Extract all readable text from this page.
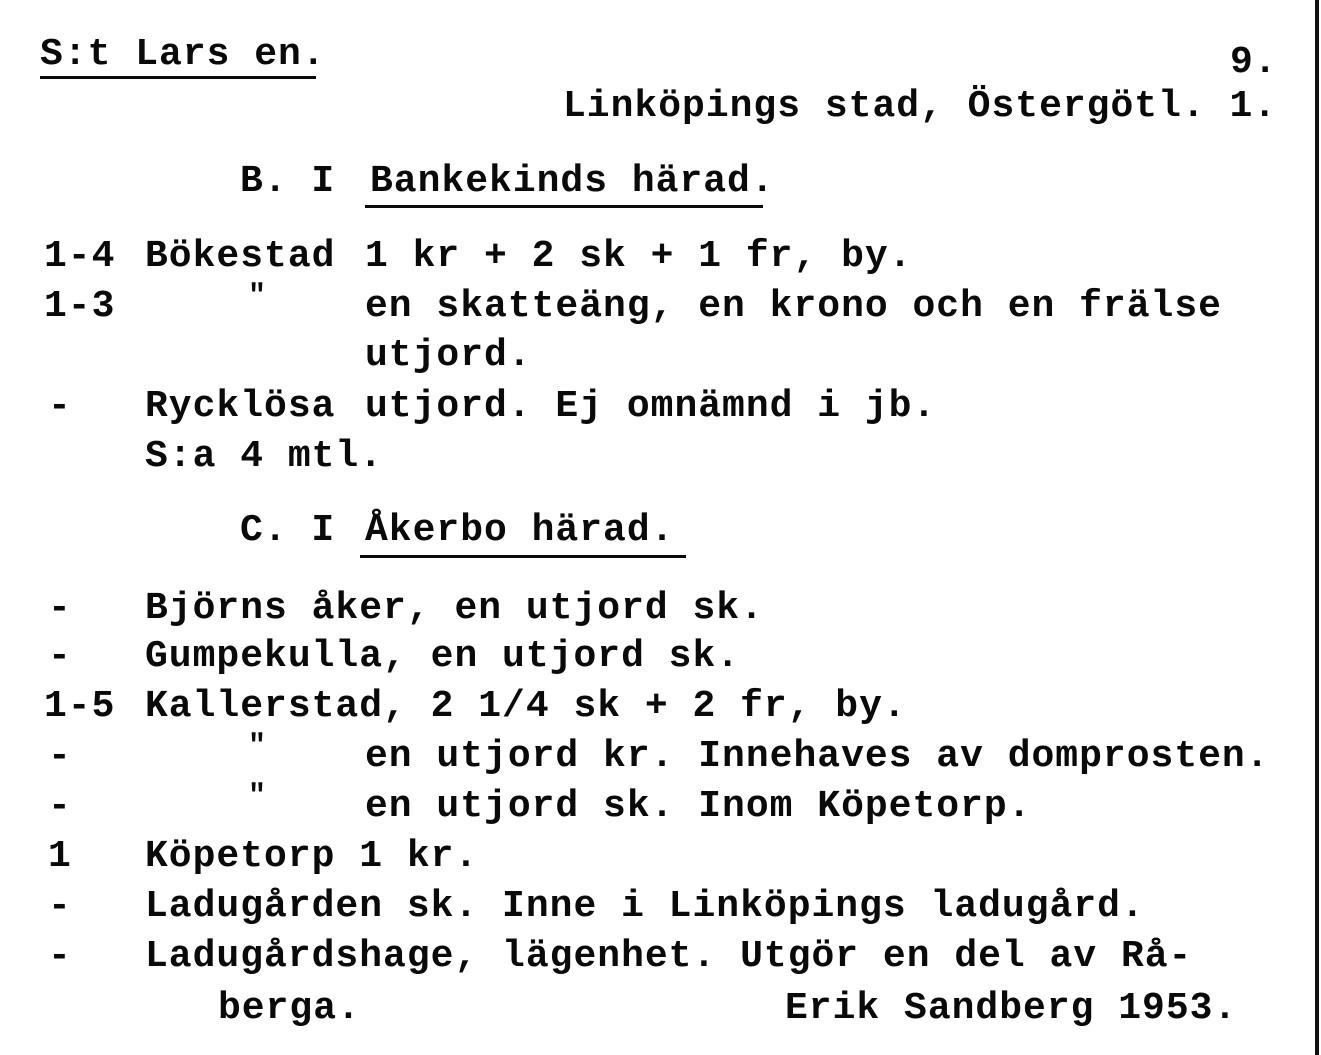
S:t Lars en.	9.
Linköpings stad, Östergötl. 1.
B. I Bankekinds härad.
1-4 Bökestad 1 kr + 2 sk + 1 fr, by.
1-3	"	en skatteäng, en krono och en frälse
utjord.
- Rycklösa utjord. Ej omnämnd i jb.
S:a 4 mtl.
C. I Åkerbo härad.
- Björns åker, en utjord sk.
- Gumpekulla, en utjord sk.
1-5 Kallerstad, 2 1/4 sk + 2 fr, by.
-	"	en utjord kr. Innehaves av domprosten.
-	"	en utjord sk. Inom Köpetorp.
1 Köpetorp 1 kr.
- Ladugården sk. Inne i Linköpings ladugård.
- Ladugårdshage, lägenhet. Utgör en del av Rå-
berga.	Erik Sandberg 1953.
